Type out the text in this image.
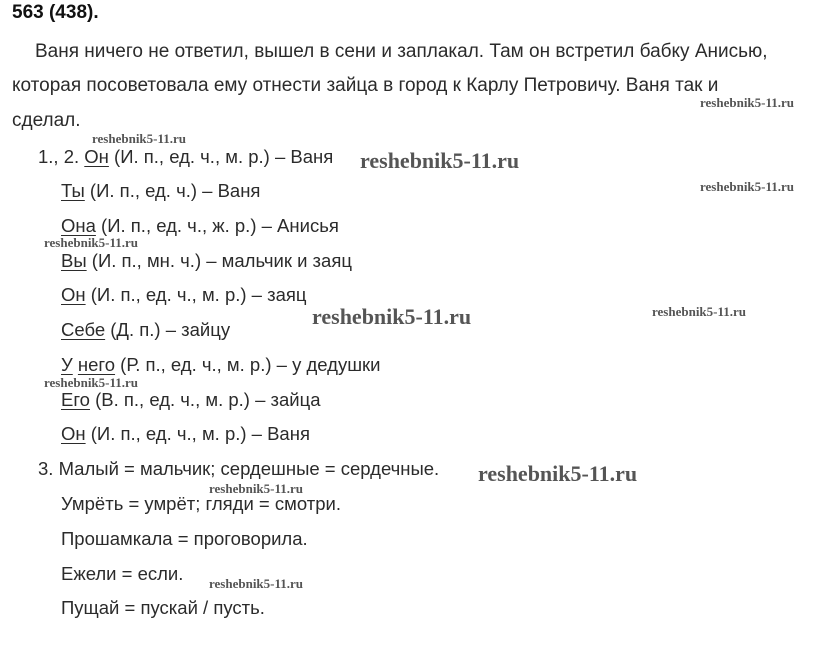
563 (438).
Ваня ничего не ответил, вышел в сени и заплакал. Там он встретил бабку Анисью,
которая посоветовала ему отнести зайца в город к Карлу Петровичу. Ваня так и
сделал.
1., 2. Он (И. п., ед. ч., м. р.) – Ваня
Ты (И. п., ед. ч.) – Ваня
Она (И. п., ед. ч., ж. р.) – Анисья
Вы (И. п., мн. ч.) – мальчик и заяц
Он (И. п., ед. ч., м. р.) – заяц
Себе (Д. п.) – зайцу
У него (Р. п., ед. ч., м. р.) – у дедушки
Его (В. п., ед. ч., м. р.) – зайца
Он (И. п., ед. ч., м. р.) – Ваня
3. Малый = мальчик; сердешные = сердечные.
Умрёть = умрёт; гляди = смотри.
Прошамкала = проговорила.
Ежели = если.
Пущай = пускай / пусть.
reshebnik5-11.ru
reshebnik5-11.ru
reshebnik5-11.ru
reshebnik5-11.ru
reshebnik5-11.ru
reshebnik5-11.ru	reshebnik5-11.ru
reshebnik5-11.ru
reshebnik5-11.ru
reshebnik5-11.ru
reshebnik5-11.ru
